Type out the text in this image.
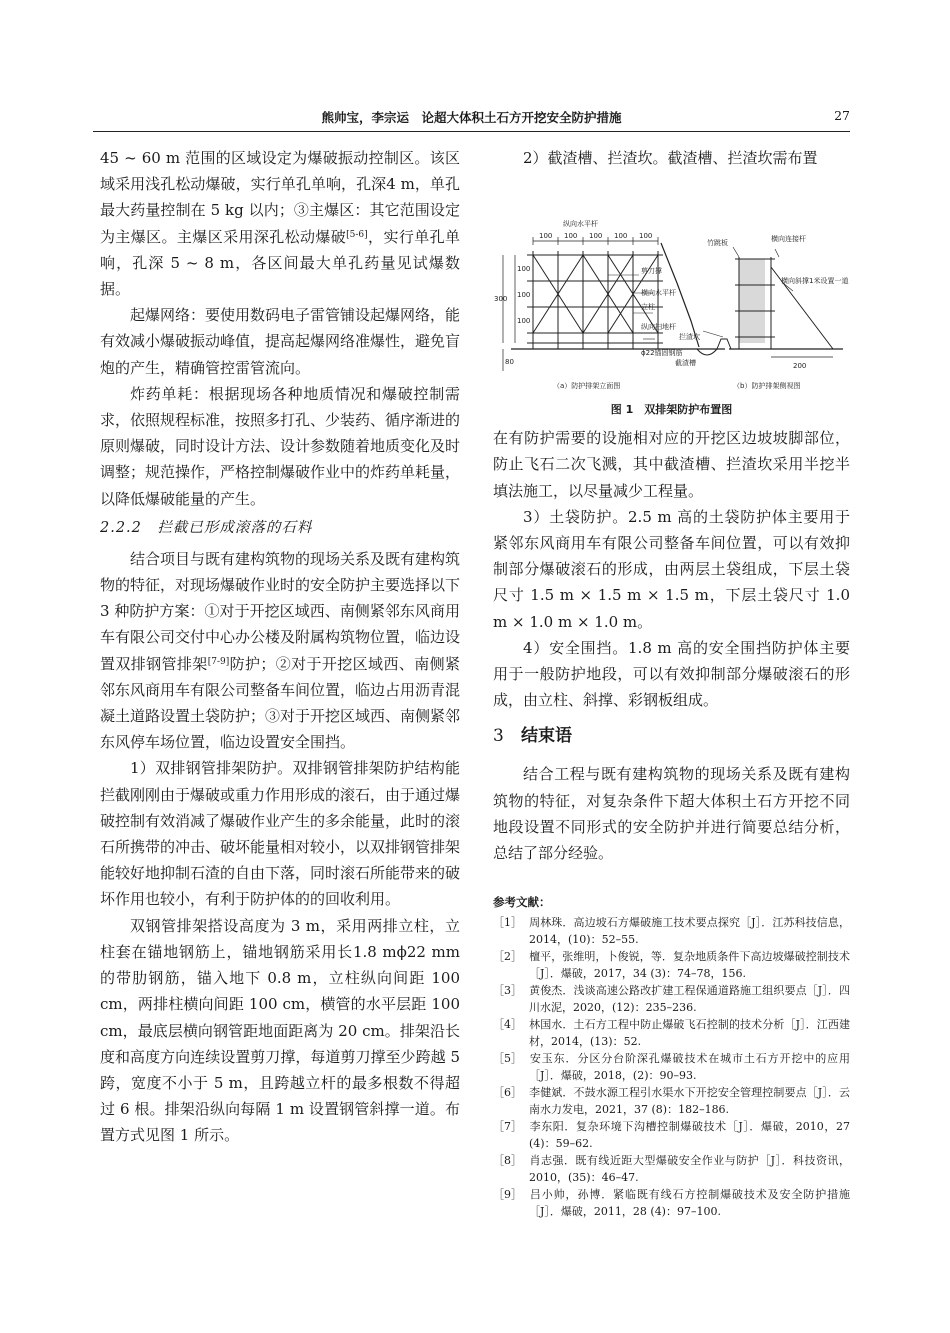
熊帅宝，李宗运　论超大体积土石方开挖安全防护措施	27

45 ~ 60 m 范围的区域设定为爆破振动控制区。该区域采用浅孔松动爆破，实行单孔单响，孔深4 m，单孔最大药量控制在 5 kg 以内；③主爆区：其它范围设定为主爆区。主爆区采用深孔松动爆破[5-6]，实行单孔单响，孔深 5 ~ 8 m，各区间最大单孔药量见试爆数据。

起爆网络：要使用数码电子雷管铺设起爆网络，能有效减小爆破振动峰值，提高起爆网络准爆性，避免盲炮的产生，精确管控雷管流向。

炸药单耗：根据现场各种地质情况和爆破控制需求，依照规程标准，按照多打孔、少装药、循序渐进的原则爆破，同时设计方法、设计参数随着地质变化及时调整；规范操作，严格控制爆破作业中的炸药单耗量，以降低爆破能量的产生。

2.2.2　拦截已形成滚落的石料

结合项目与既有建构筑物的现场关系及既有建构筑物的特征，对现场爆破作业时的安全防护主要选择以下 3 种防护方案：①对于开挖区域西、南侧紧邻东风商用车有限公司交付中心办公楼及附属构筑物位置，临边设置双排钢管排架[7-9]防护；②对于开挖区域西、南侧紧邻东风商用车有限公司整备车间位置，临边占用沥青混凝土道路设置土袋防护；③对于开挖区域西、南侧紧邻东风停车场位置，临边设置安全围挡。

1）双排钢管排架防护。双排钢管排架防护结构能拦截刚刚由于爆破或重力作用形成的滚石，由于通过爆破控制有效消减了爆破作业产生的多余能量，此时的滚石所携带的冲击、破坏能量相对较小，以双排钢管排架能较好地抑制石渣的自由下落，同时滚石所能带来的破坏作用也较小，有利于防护体的的回收利用。

双钢管排架搭设高度为 3 m，采用两排立柱，立柱套在锚地钢筋上，锚地钢筋采用长1.8 mϕ22 mm 的带肋钢筋，锚入地下 0.8 m，立柱纵向间距 100 cm，两排柱横向间距 100 cm，横管的水平层距 100 cm，最底层横向钢管距地面距离为 20 cm。排架沿长度和高度方向连续设置剪刀撑，每道剪刀撑至少跨越 5 跨，宽度不小于 5 m，且跨越立杆的最多根数不得超过 6 根。排架沿纵向每隔 1 m 设置钢管斜撑一道。布置方式见图 1 所示。

2）截渣槽、拦渣坎。截渣槽、拦渣坎需布置

纵向水平杆
100 100 100 100 100
100
100
100
300
80
剪刀撑
横向水平杆
立柱
纵向扫地杆
拦渣坎
ϕ22锚固钢筋
截渣槽
竹跳板	横向连接杆
横向斜撑1米设置一道
200
（a）防护排架立面图	（b）防护排架侧视图
图 1　双排架防护布置图

在有防护需要的设施相对应的开挖区边坡坡脚部位，防止飞石二次飞溅，其中截渣槽、拦渣坎采用半挖半填法施工，以尽量减少工程量。

3）土袋防护。2.5 m 高的土袋防护体主要用于紧邻东风商用车有限公司整备车间位置，可以有效抑制部分爆破滚石的形成，由两层土袋组成，下层土袋尺寸 1.5 m × 1.5 m × 1.5 m，下层土袋尺寸 1.0 m × 1.0 m × 1.0 m。

4）安全围挡。1.8 m 高的安全围挡防护体主要用于一般防护地段，可以有效抑制部分爆破滚石的形成，由立柱、斜撑、彩钢板组成。

3 结束语

结合工程与既有建构筑物的现场关系及既有建构筑物的特征，对复杂条件下超大体积土石方开挖不同地段设置不同形式的安全防护并进行简要总结分析，总结了部分经验。

参考文献：

［1］ 周林珠．高边坡石方爆破施工技术要点探究［J］．江苏科技信息，2014，(10)：52–55.

［2］ 檀平，张维明，卜俊锐，等．复杂地质条件下高边坡爆破控制技术［J］．爆破，2017，34 (3)：74–78，156.

［3］ 黄俊杰．浅谈高速公路改扩建工程保通道路施工组织要点［J］．四川水泥，2020，(12)：235–236.

［4］ 林国水．土石方工程中防止爆破飞石控制的技术分析［J］．江西建材，2014，(13)：52.

［5］ 安玉东．分区分台阶深孔爆破技术在城市土石方开挖中的应用［J］．爆破，2018，(2)：90–93.

［6］ 李健斌．不鼓水源工程引水渠水下开挖安全管理控制要点［J］．云南水力发电，2021，37 (8)：182–186.

［7］ 李东阳．复杂环境下沟槽控制爆破技术［J］．爆破，2010，27 (4)：59–62.

［8］ 肖志强．既有线近距大型爆破安全作业与防护［J］．科技资讯，2010，(35)：46–47.

［9］ 吕小帅，孙博．紧临既有线石方控制爆破技术及安全防护措施［J］．爆破，2011，28 (4)：97–100.
